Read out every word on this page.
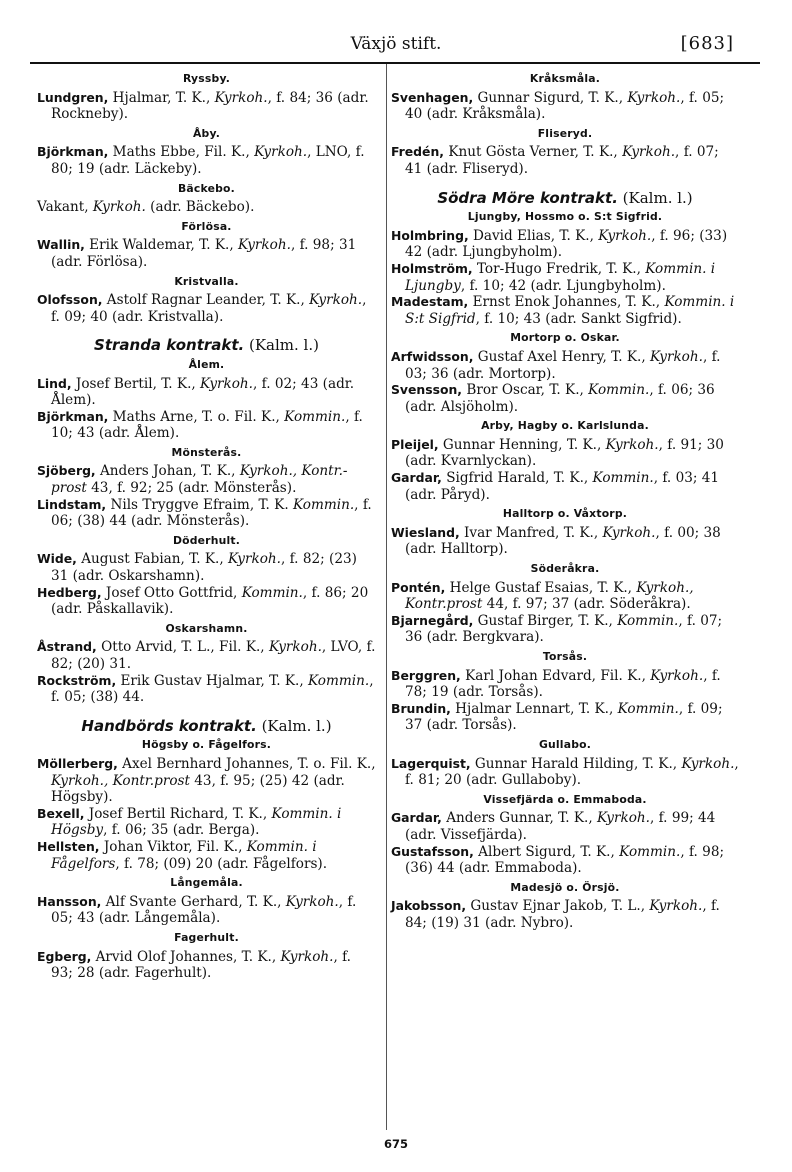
Växjö stift.	[683]

Ryssby.

Lundgren, Hjalmar, T. K., Kyrkoh., f. 84; 36 (adr. Rockneby).

Åby.

Björkman, Maths Ebbe, Fil. K., Kyrkoh., LNO, f. 80; 19 (adr. Läckeby).

Bäckebo.

Vakant, Kyrkoh. (adr. Bäckebo).

Förlösa.

Wallin, Erik Waldemar, T. K., Kyrkoh., f. 98; 31 (adr. Förlösa).

Kristvalla.

Olofsson, Astolf Ragnar Leander, T. K., Kyrkoh., f. 09; 40 (adr. Kristvalla).

Stranda kontrakt. (Kalm. l.)

Ålem.

Lind, Josef Bertil, T. K., Kyrkoh., f. 02; 43 (adr. Ålem).

Björkman, Maths Arne, T. o. Fil. K., Kommin., f. 10; 43 (adr. Ålem).

Mönsterås.

Sjöberg, Anders Johan, T. K., Kyrkoh., Kontr.-prost 43, f. 92; 25 (adr. Mönsterås).

Lindstam, Nils Tryggve Efraim, T. K. Kommin., f. 06; (38) 44 (adr. Mönsterås).

Döderhult.

Wide, August Fabian, T. K., Kyrkoh., f. 82; (23) 31 (adr. Oskarshamn).

Hedberg, Josef Otto Gottfrid, Kommin., f. 86; 20 (adr. Påskallavik).

Oskarshamn.

Åstrand, Otto Arvid, T. L., Fil. K., Kyrkoh., LVO, f. 82; (20) 31.

Rockström, Erik Gustav Hjalmar, T. K., Kommin., f. 05; (38) 44.

Handbörds kontrakt. (Kalm. l.)

Högsby o. Fågelfors.

Möllerberg, Axel Bernhard Johannes, T. o. Fil. K., Kyrkoh., Kontr.prost 43, f. 95; (25) 42 (adr. Högsby).

Bexell, Josef Bertil Richard, T. K., Kommin. i Högsby, f. 06; 35 (adr. Berga).

Hellsten, Johan Viktor, Fil. K., Kommin. i Fågelfors, f. 78; (09) 20 (adr. Fågelfors).

Långemåla.

Hansson, Alf Svante Gerhard, T. K., Kyrkoh., f. 05; 43 (adr. Långemåla).

Fagerhult.

Egberg, Arvid Olof Johannes, T. K., Kyrkoh., f. 93; 28 (adr. Fagerhult).

Kråksmåla.

Svenhagen, Gunnar Sigurd, T. K., Kyrkoh., f. 05; 40 (adr. Kråksmåla).

Fliseryd.

Fredén, Knut Gösta Verner, T. K., Kyrkoh., f. 07; 41 (adr. Fliseryd).

Södra Möre kontrakt. (Kalm. l.)

Ljungby, Hossmo o. S:t Sigfrid.

Holmbring, David Elias, T. K., Kyrkoh., f. 96; (33) 42 (adr. Ljungbyholm).

Holmström, Tor-Hugo Fredrik, T. K., Kommin. i Ljungby, f. 10; 42 (adr. Ljungbyholm).

Madestam, Ernst Enok Johannes, T. K., Kommin. i S:t Sigfrid, f. 10; 43 (adr. Sankt Sigfrid).

Mortorp o. Oskar.

Arfwidsson, Gustaf Axel Henry, T. K., Kyrkoh., f. 03; 36 (adr. Mortorp).

Svensson, Bror Oscar, T. K., Kommin., f. 06; 36 (adr. Alsjöholm).

Arby, Hagby o. Karlslunda.

Pleijel, Gunnar Henning, T. K., Kyrkoh., f. 91; 30 (adr. Kvarnlyckan).

Gardar, Sigfrid Harald, T. K., Kommin., f. 03; 41 (adr. Påryd).

Halltorp o. Våxtorp.

Wiesland, Ivar Manfred, T. K., Kyrkoh., f. 00; 38 (adr. Halltorp).

Söderåkra.

Pontén, Helge Gustaf Esaias, T. K., Kyrkoh., Kontr.prost 44, f. 97; 37 (adr. Söderåkra).

Bjarnegård, Gustaf Birger, T. K., Kommin., f. 07; 36 (adr. Bergkvara).

Torsås.

Berggren, Karl Johan Edvard, Fil. K., Kyrkoh., f. 78; 19 (adr. Torsås).

Brundin, Hjalmar Lennart, T. K., Kommin., f. 09; 37 (adr. Torsås).

Gullabo.

Lagerquist, Gunnar Harald Hilding, T. K., Kyrkoh., f. 81; 20 (adr. Gullaboby).

Vissefjärda o. Emmaboda.

Gardar, Anders Gunnar, T. K., Kyrkoh., f. 99; 44 (adr. Vissefjärda).

Gustafsson, Albert Sigurd, T. K., Kommin., f. 98; (36) 44 (adr. Emmaboda).

Madesjö o. Örsjö.

Jakobsson, Gustav Ejnar Jakob, T. L., Kyrkoh., f. 84; (19) 31 (adr. Nybro).

675
